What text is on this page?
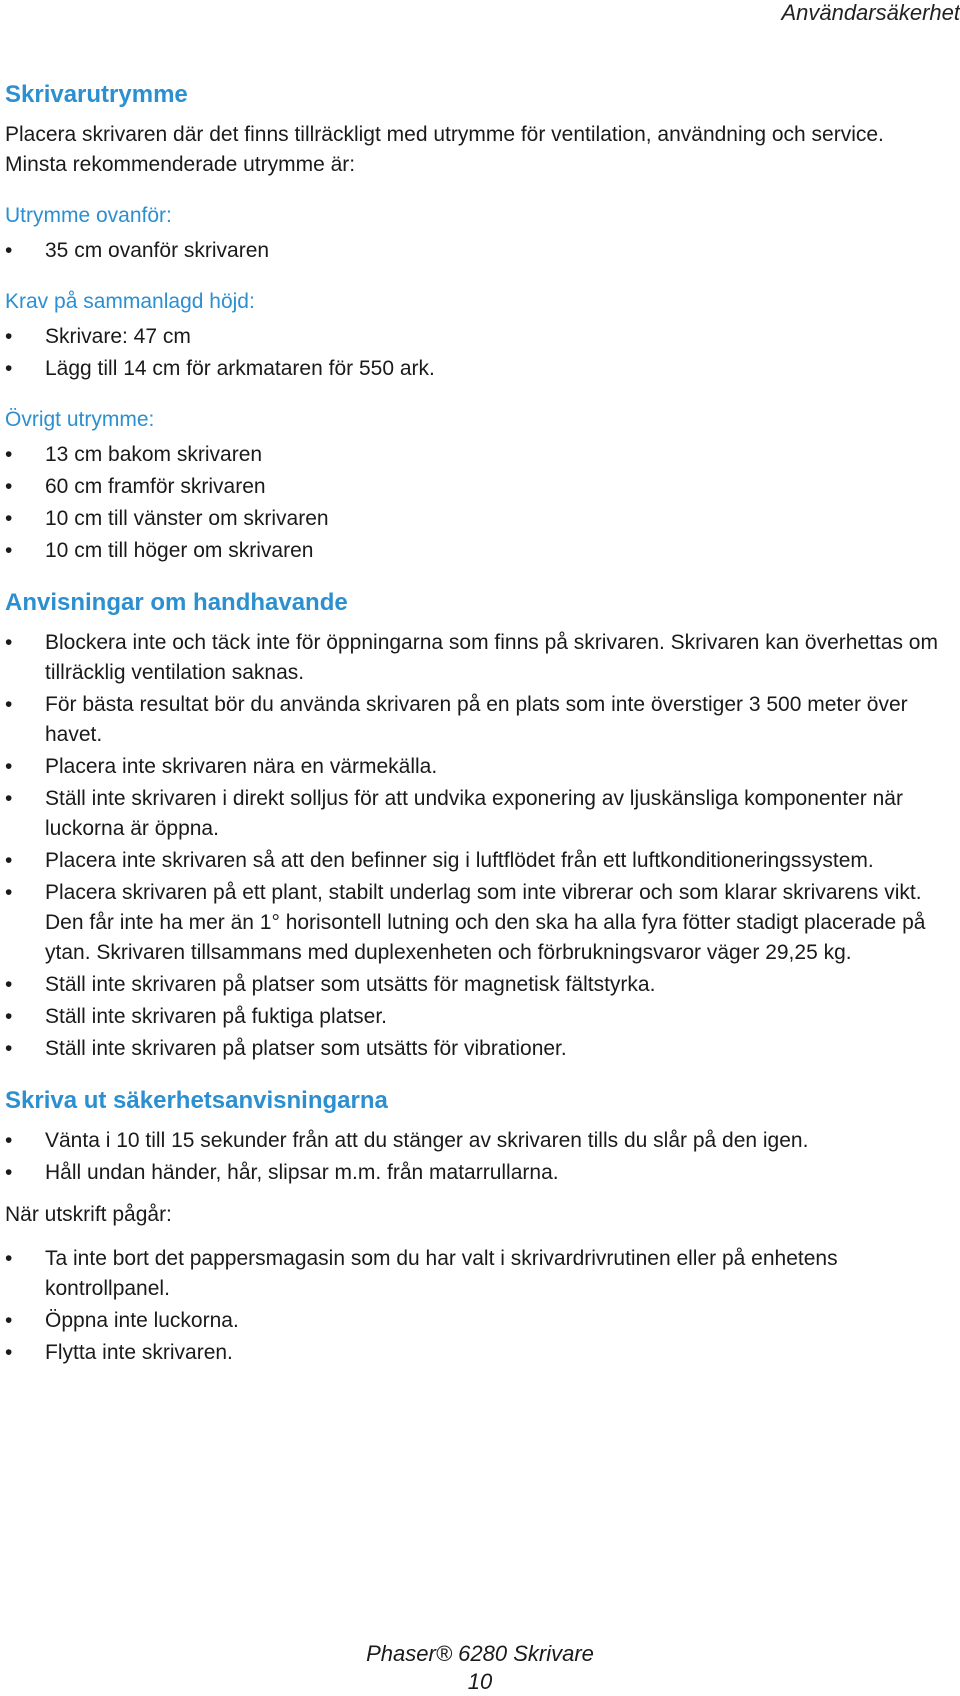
Användarsäkerhet
Skrivarutrymme

Placera skrivaren där det finns tillräckligt med utrymme för ventilation, användning och service. Minsta rekommenderade utrymme är:

Utrymme ovanför:
• 35 cm ovanför skrivaren
Krav på sammanlagd höjd:
• Skrivare: 47 cm
• Lägg till 14 cm för arkmataren för 550 ark.
Övrigt utrymme:
• 13 cm bakom skrivaren
• 60 cm framför skrivaren
• 10 cm till vänster om skrivaren
• 10 cm till höger om skrivaren
Anvisningar om handhavande
• Blockera inte och täck inte för öppningarna som finns på skrivaren. Skrivaren kan överhettas om tillräcklig ventilation saknas.
• För bästa resultat bör du använda skrivaren på en plats som inte överstiger 3 500 meter över havet.
• Placera inte skrivaren nära en värmekälla.
• Ställ inte skrivaren i direkt solljus för att undvika exponering av ljuskänsliga komponenter när luckorna är öppna.
• Placera inte skrivaren så att den befinner sig i luftflödet från ett luftkonditioneringssystem.
• Placera skrivaren på ett plant, stabilt underlag som inte vibrerar och som klarar skrivarens vikt. Den får inte ha mer än 1° horisontell lutning och den ska ha alla fyra fötter stadigt placerade på ytan. Skrivaren tillsammans med duplexenheten och förbrukningsvaror väger 29,25 kg.
• Ställ inte skrivaren på platser som utsätts för magnetisk fältstyrka.
• Ställ inte skrivaren på fuktiga platser.
• Ställ inte skrivaren på platser som utsätts för vibrationer.
Skriva ut säkerhetsanvisningarna
• Vänta i 10 till 15 sekunder från att du stänger av skrivaren tills du slår på den igen.
• Håll undan händer, hår, slipsar m.m. från matarrullarna.

När utskrift pågår:

• Ta inte bort det pappersmagasin som du har valt i skrivardrivrutinen eller på enhetens kontrollpanel.
• Öppna inte luckorna.
• Flytta inte skrivaren.
Phaser® 6280 Skrivare
10
